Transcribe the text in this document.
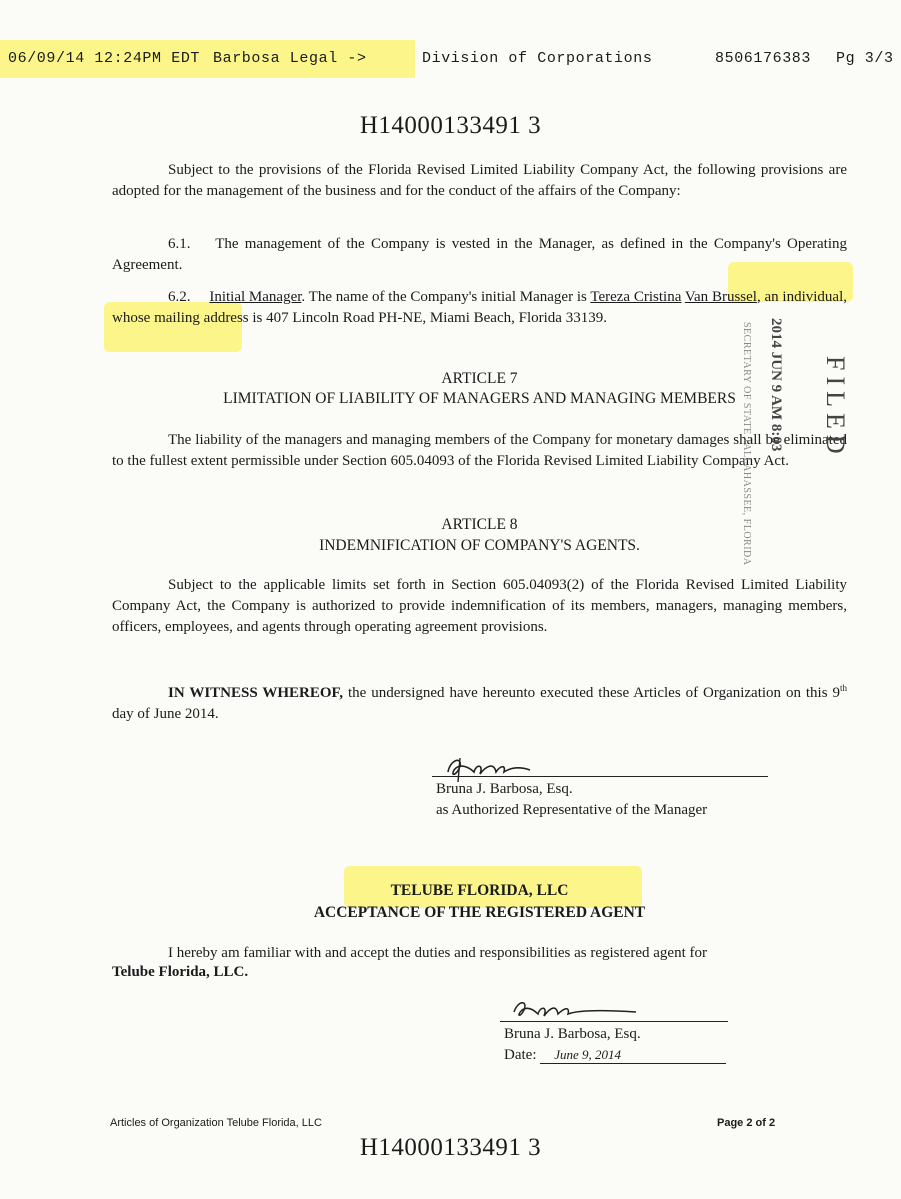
06/09/14 12:24PM EDT Barbosa Legal ->	Division of Corporations	8506176383 Pg 3/3
H14000133491 3
Subject to the provisions of the Florida Revised Limited Liability Company Act, the following provisions are adopted for the management of the business and for the conduct of the affairs of the Company:
6.1. The management of the Company is vested in the Manager, as defined in the Company's Operating Agreement.
6.2. Initial Manager. The name of the Company's initial Manager is Tereza Cristina Van Brussel, an individual, whose mailing address is 407 Lincoln Road PH-NE, Miami Beach, Florida 33139.
ARTICLE 7
LIMITATION OF LIABILITY OF MANAGERS AND MANAGING MEMBERS
The liability of the managers and managing members of the Company for monetary damages shall be eliminated to the fullest extent permissible under Section 605.04093 of the Florida Revised Limited Liability Company Act.
ARTICLE 8
INDEMNIFICATION OF COMPANY'S AGENTS.
Subject to the applicable limits set forth in Section 605.04093(2) of the Florida Revised Limited Liability Company Act, the Company is authorized to provide indemnification of its members, managers, managing members, officers, employees, and agents through operating agreement provisions.
IN WITNESS WHEREOF, the undersigned have hereunto executed these Articles of Organization on this 9th day of June 2014.
Bruna J. Barbosa, Esq.
as Authorized Representative of the Manager
TELUBE FLORIDA, LLC
ACCEPTANCE OF THE REGISTERED AGENT
I hereby am familiar with and accept the duties and responsibilities as registered agent for
Telube Florida, LLC.
Bruna J. Barbosa, Esq.
Date: June 9, 2014
SECRETARY OF STATE TALLAHASSEE, FLORIDA 2014 JUN 9 AM 8:03 FILED
Articles of Organization Telube Florida, LLC	Page 2 of 2
H14000133491 3
